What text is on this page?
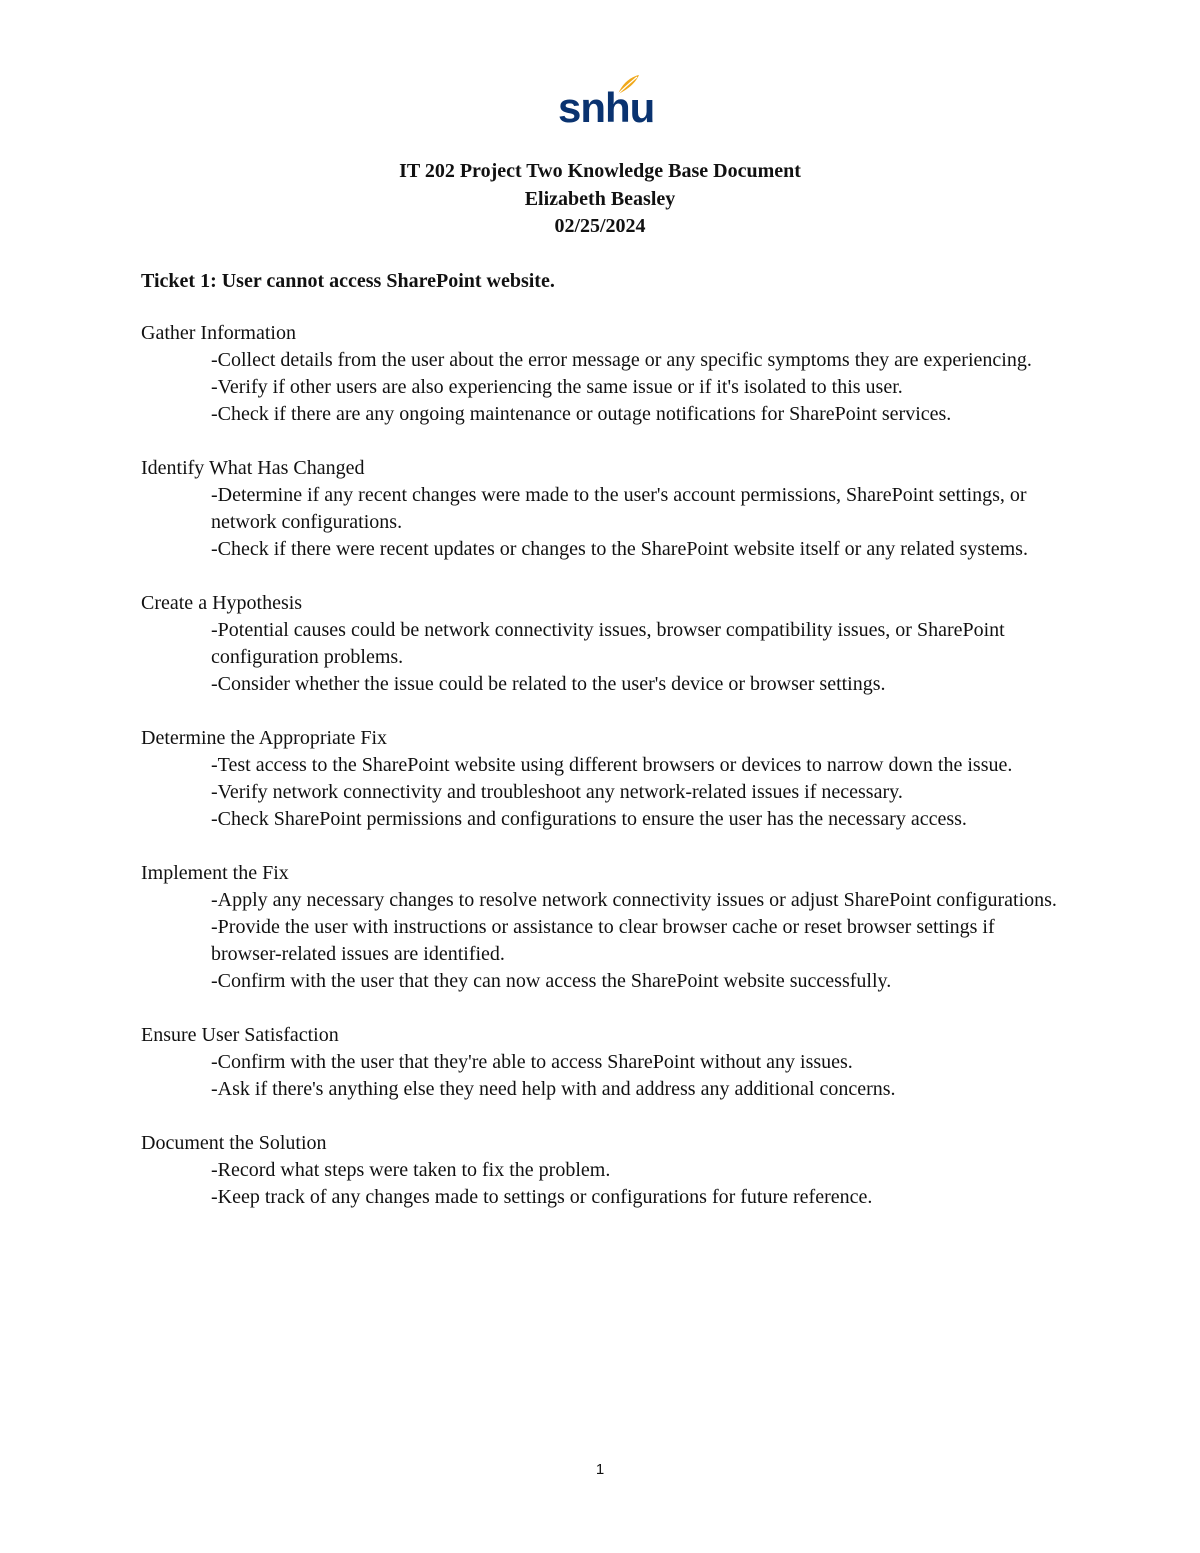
snhu
IT 202 Project Two Knowledge Base Document
Elizabeth Beasley
02/25/2024
Ticket 1: User cannot access SharePoint website.
Gather Information
-Collect details from the user about the error message or any specific symptoms they are experiencing.
-Verify if other users are also experiencing the same issue or if it's isolated to this user.
-Check if there are any ongoing maintenance or outage notifications for SharePoint services.
Identify What Has Changed
-Determine if any recent changes were made to the user's account permissions, SharePoint settings, or network configurations.
-Check if there were recent updates or changes to the SharePoint website itself or any related systems.
Create a Hypothesis
-Potential causes could be network connectivity issues, browser compatibility issues, or SharePoint configuration problems.
-Consider whether the issue could be related to the user's device or browser settings.
Determine the Appropriate Fix
-Test access to the SharePoint website using different browsers or devices to narrow down the issue.
-Verify network connectivity and troubleshoot any network-related issues if necessary.
-Check SharePoint permissions and configurations to ensure the user has the necessary access.
Implement the Fix
-Apply any necessary changes to resolve network connectivity issues or adjust SharePoint configurations.
-Provide the user with instructions or assistance to clear browser cache or reset browser settings if browser-related issues are identified.
-Confirm with the user that they can now access the SharePoint website successfully.
Ensure User Satisfaction
-Confirm with the user that they're able to access SharePoint without any issues.
-Ask if there's anything else they need help with and address any additional concerns.
Document the Solution
-Record what steps were taken to fix the problem.
-Keep track of any changes made to settings or configurations for future reference.
1
